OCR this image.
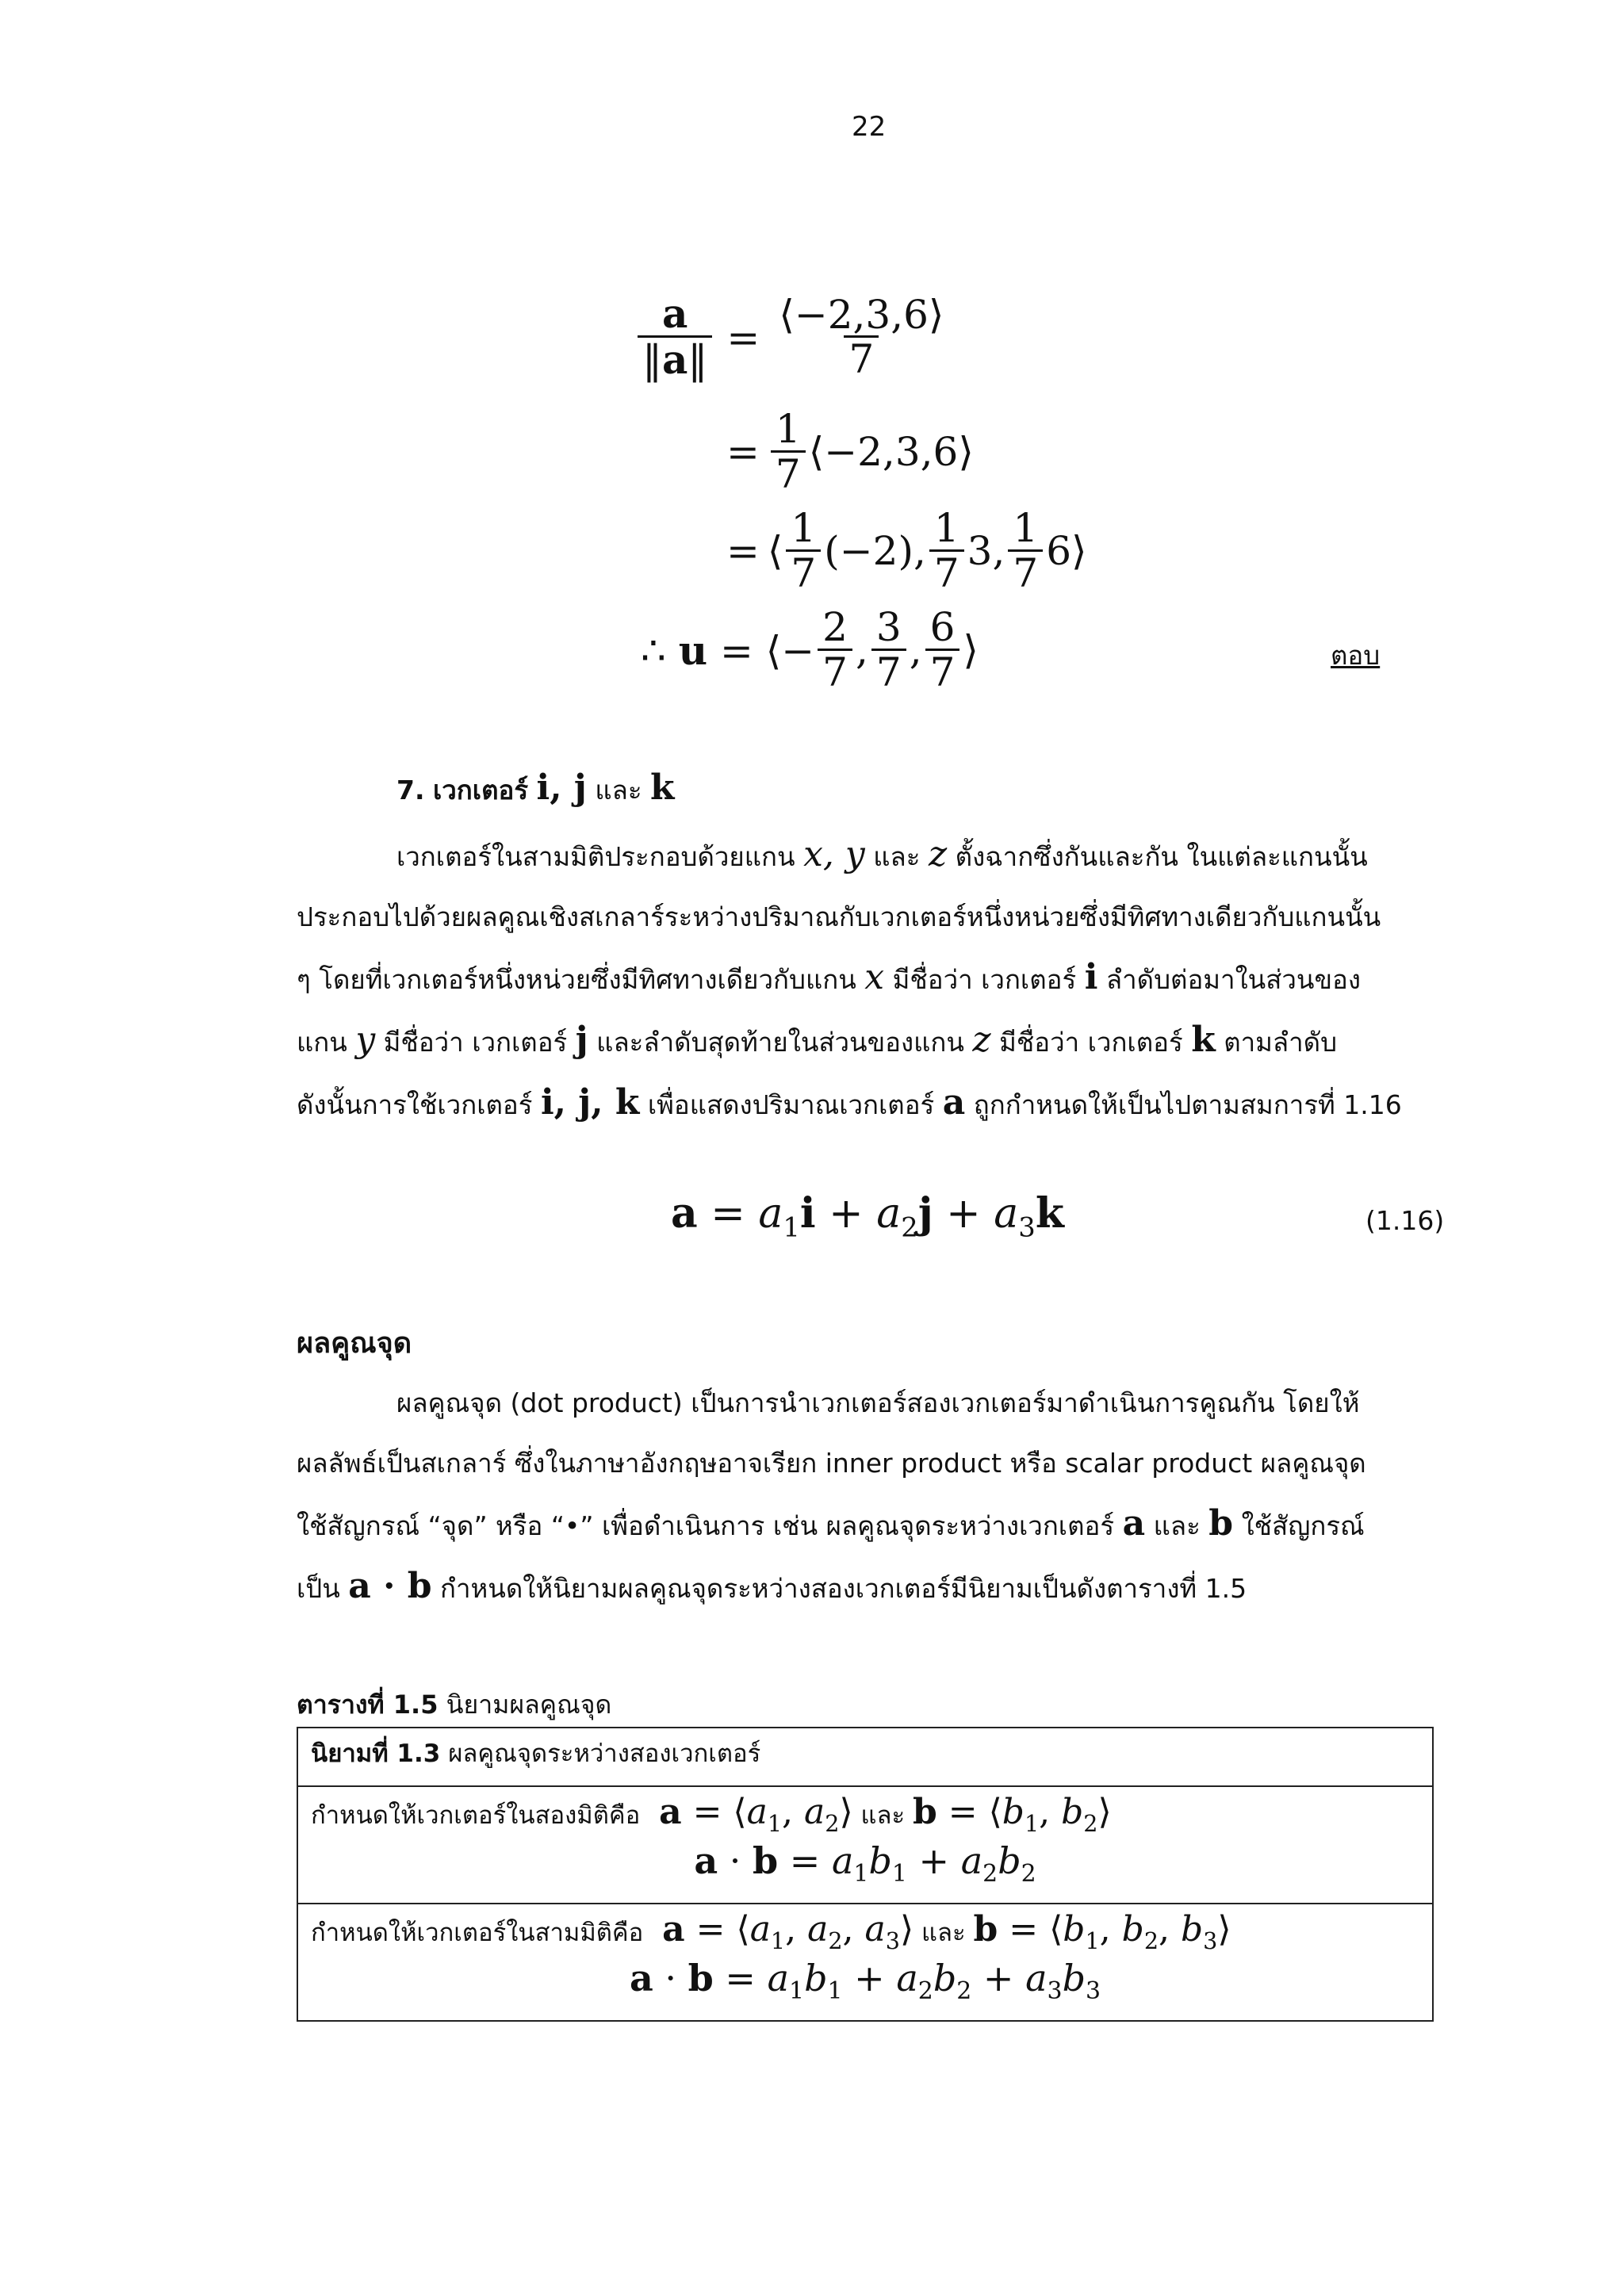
22
$\frac{a}{‖a‖} = \frac{⟨-2,3,6⟩}{7}$
= $\frac{1}{7}$ ⟨−2,3,6⟩
= ⟨ $\frac{1}{7} (-2)$, $\frac{1}{7} 3$, $\frac{1}{7}$ 6⟩
∴ u = ⟨− $\frac{2}{7}$ , $\frac{3}{7}$ , $\frac{6}{7}$ ⟩	ตอบ
7. เวกเตอร์ i, j และ k
เวกเตอร์ในสามมิติประกอบด้วยแกน x, y และ z ตั้งฉากซึ่งกันและกัน ในแต่ละแกนนั้น
ประกอบไปด้วยผลคูณเชิงสเกลาร์ระหว่างปริมาณกับเวกเตอร์หนึ่งหน่วยซึ่งมีทิศทางเดียวกับแกนนั้น
ๆ โดยที่เวกเตอร์หนึ่งหน่วยซึ่งมีทิศทางเดียวกับแกน x มีชื่อว่า เวกเตอร์ i ลำดับต่อมาในส่วนของ
แกน y มีชื่อว่า เวกเตอร์ j และลำดับสุดท้ายในส่วนของแกน z มีชื่อว่า เวกเตอร์ k ตามลำดับ
ดังนั้นการใช้เวกเตอร์ i, j, k เพื่อแสดงปริมาณเวกเตอร์ a ถูกกำหนดให้เป็นไปตามสมการที่ 1.16
$a = a_1i + a_2j + a_3k$	(1.16)
ผลคูณจุด
ผลคูณจุด (dot product) เป็นการนำเวกเตอร์สองเวกเตอร์มาดำเนินการคูณกัน โดยให้
ผลลัพธ์เป็นสเกลาร์ ซึ่งในภาษาอังกฤษอาจเรียก inner product หรือ scalar product ผลคูณจุด
ใช้สัญกรณ์ “จุด” หรือ “•” เพื่อดำเนินการ เช่น ผลคูณจุดระหว่างเวกเตอร์ a และ b ใช้สัญกรณ์
เป็น a · b กำหนดให้นิยามผลคูณจุดระหว่างสองเวกเตอร์มีนิยามเป็นดังตารางที่ 1.5
ตารางที่ 1.5 นิยามผลคูณจุด
นิยามที่ 1.3 ผลคูณจุดระหว่างสองเวกเตอร์

กำหนดให้เวกเตอร์ในสองมิติคือ $a = ⟨a_1$, $a_2⟩$ และ $b = ⟨b_1$, $b_2⟩$
$a \cdot b = a_1b_1 + a_2b_2$

กำหนดให้เวกเตอร์ในสามมิติคือ $a = ⟨a_1$, $a_2$, $a_3⟩$ และ $b = ⟨b_1$, $b_2$, $b_3⟩$
$a \cdot b = a_1b_1 + a_2b_2 + a_3b_3$
